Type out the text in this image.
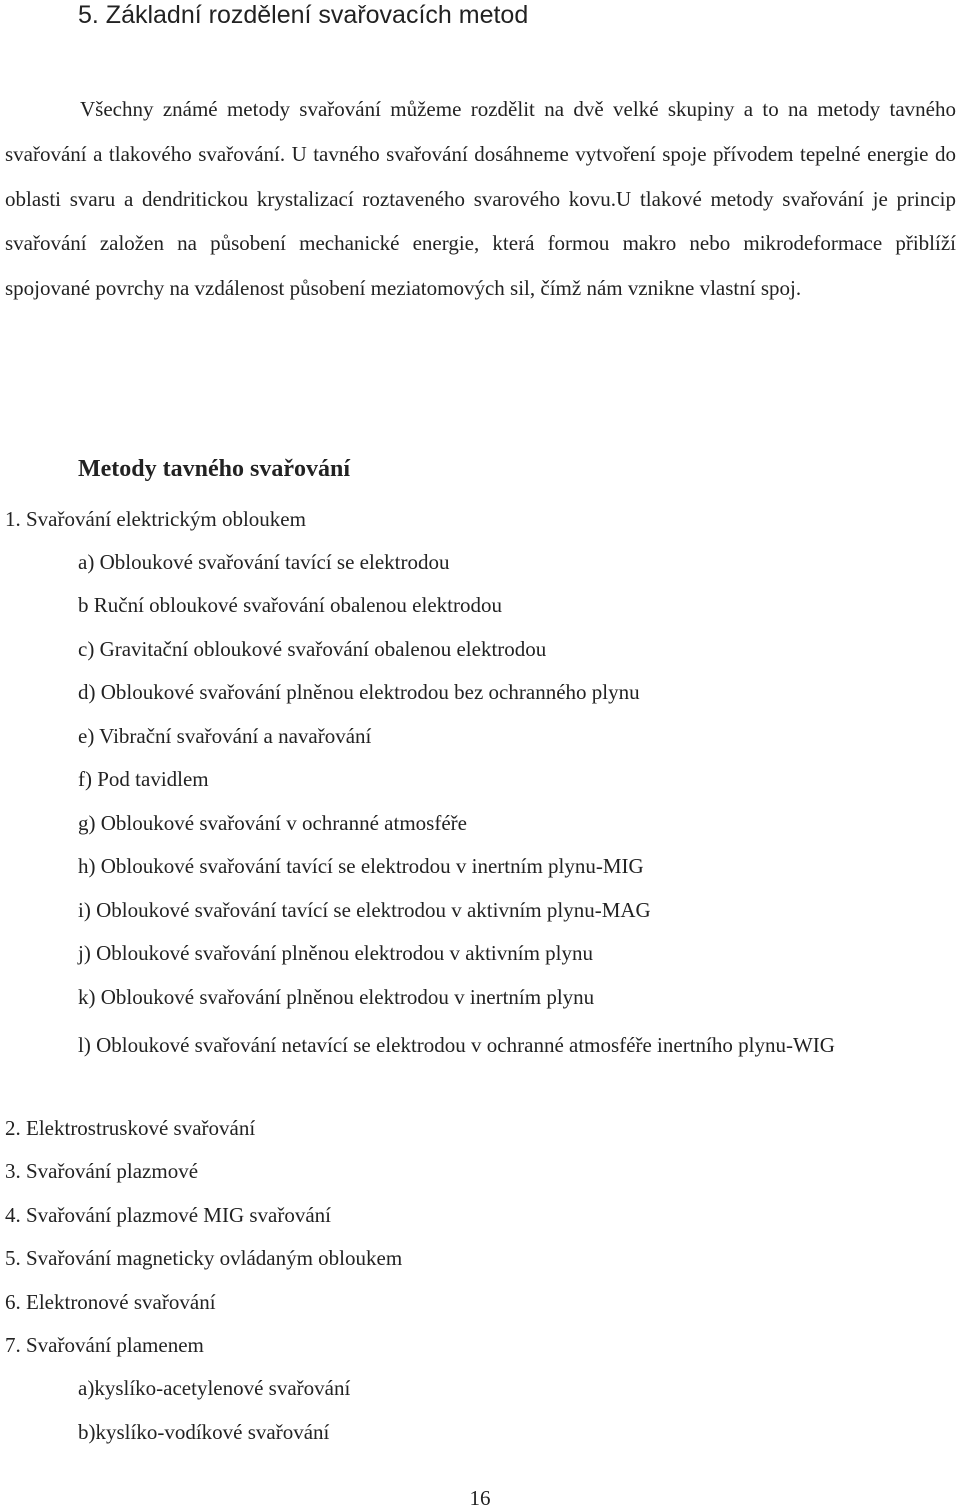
5. Základní rozdělení svařovacích metod
Všechny známé metody svařování můžeme rozdělit na dvě velké skupiny a to na metody tavného svařování a tlakového svařování. U tavného svařování dosáhneme vytvoření spoje přívodem tepelné energie do oblasti svaru a dendritickou krystalizací roztaveného svarového kovu.U tlakové metody svařování je princip svařování založen na působení mechanické energie, která formou makro nebo mikrodeformace přiblíží spojované povrchy na vzdálenost působení meziatomových sil, čímž nám vznikne vlastní spoj.
Metody tavného svařování
1. Svařování elektrickým obloukem
a) Obloukové svařování tavící se elektrodou
b Ruční obloukové svařování obalenou elektrodou
c) Gravitační obloukové svařování obalenou elektrodou
d) Obloukové svařování plněnou elektrodou bez ochranného plynu
e) Vibrační svařování a navařování
f) Pod tavidlem
g) Obloukové svařování v ochranné atmosféře
h) Obloukové svařování tavící se elektrodou v inertním plynu-MIG
i) Obloukové svařování tavící se elektrodou v aktivním plynu-MAG
j) Obloukové svařování plněnou elektrodou v aktivním plynu
k) Obloukové svařování plněnou elektrodou v inertním plynu
l) Obloukové svařování netavící se elektrodou v ochranné atmosféře inertního plynu-WIG
2. Elektrostruskové svařování
3. Svařování plazmové
4. Svařování plazmové MIG svařování
5. Svařování magneticky ovládaným obloukem
6. Elektronové svařování
7. Svařování plamenem
a)kyslíko-acetylenové svařování
b)kyslíko-vodíkové svařování
16
